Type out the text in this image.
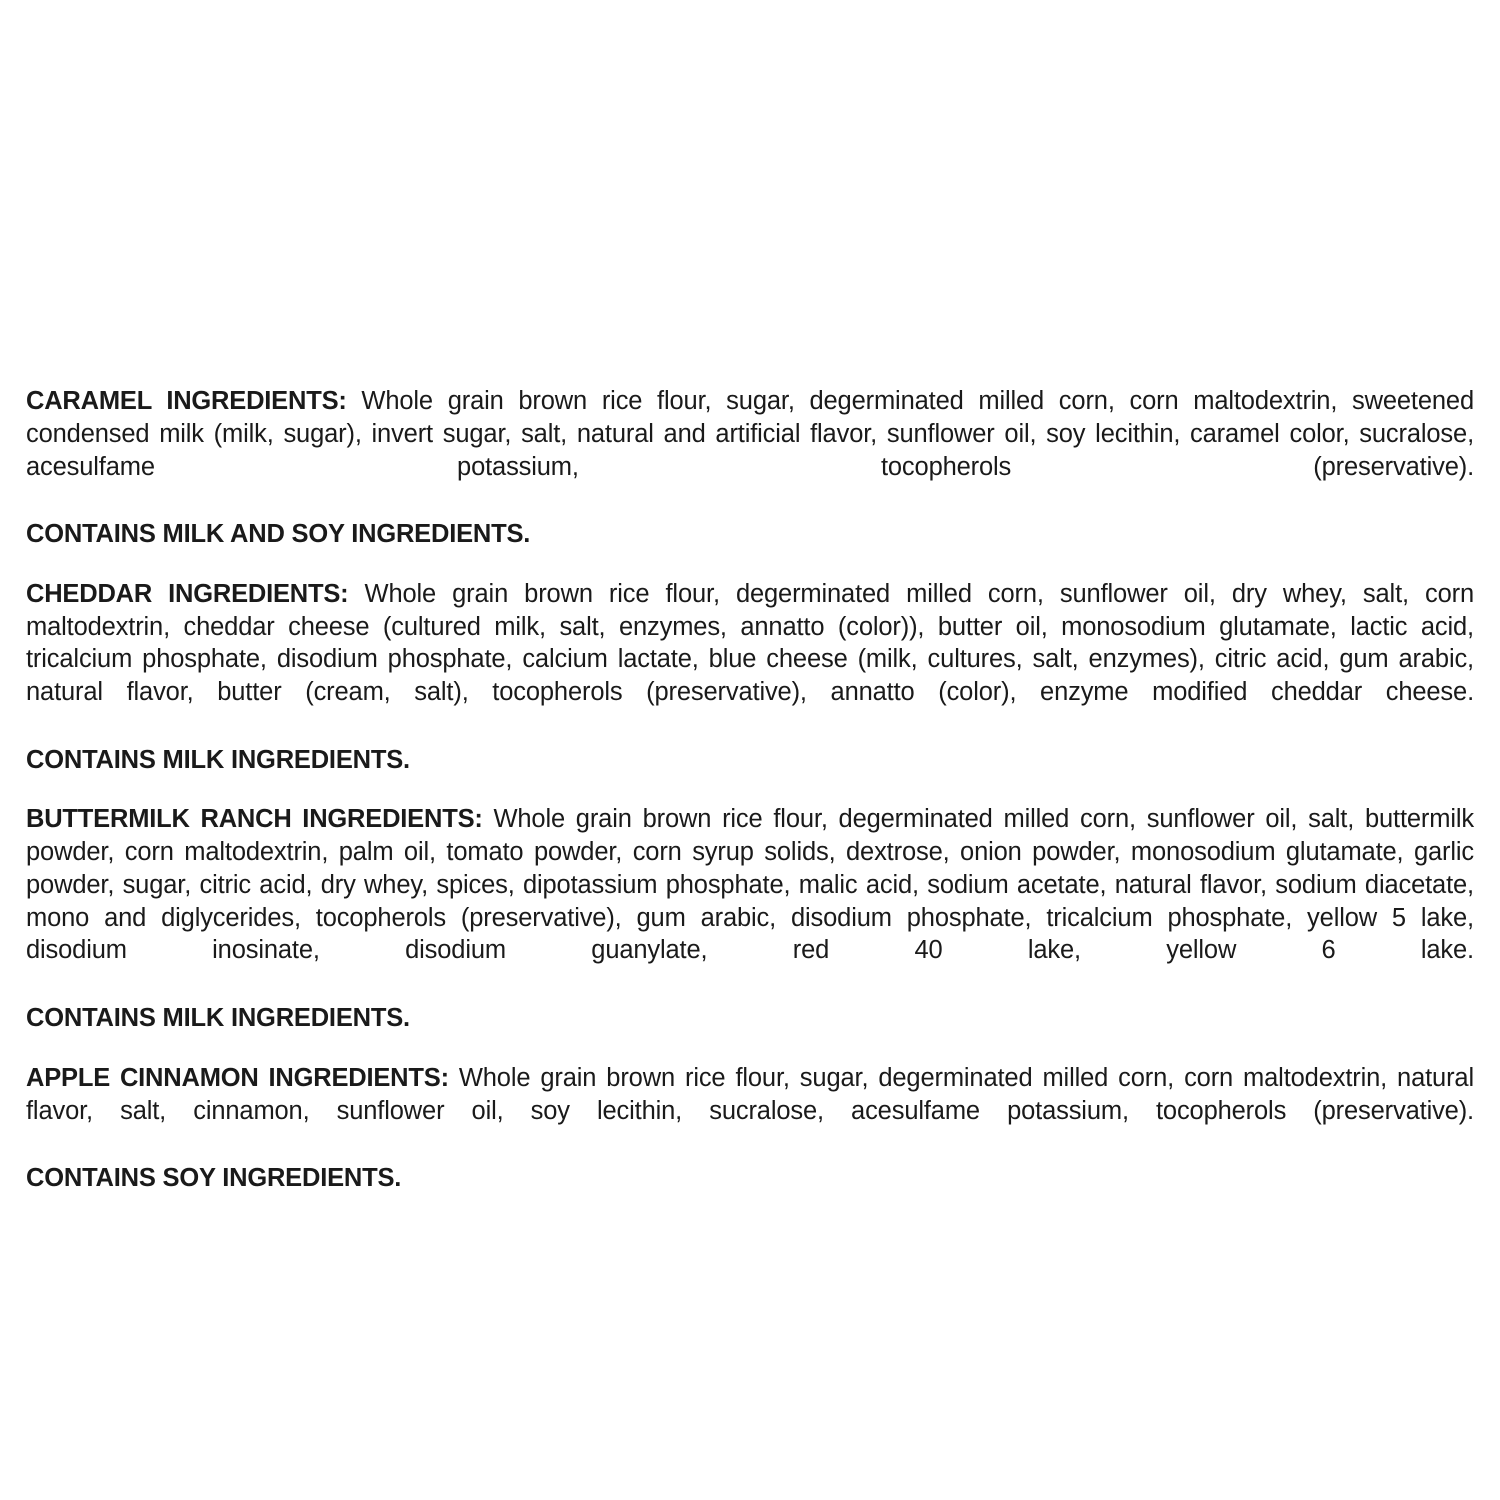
CARAMEL INGREDIENTS: Whole grain brown rice flour, sugar, degerminated milled corn, corn maltodextrin, sweetened condensed milk (milk, sugar), invert sugar, salt, natural and artificial flavor, sunflower oil, soy lecithin, caramel color, sucralose, acesulfame potassium, tocopherols (preservative).

CONTAINS MILK AND SOY INGREDIENTS.

CHEDDAR INGREDIENTS: Whole grain brown rice flour, degerminated milled corn, sunflower oil, dry whey, salt, corn maltodextrin, cheddar cheese (cultured milk, salt, enzymes, annatto (color)), butter oil, monosodium glutamate, lactic acid, tricalcium phosphate, disodium phosphate, calcium lactate, blue cheese (milk, cultures, salt, enzymes), citric acid, gum arabic, natural flavor, butter (cream, salt), tocopherols (preservative), annatto (color), enzyme modified cheddar cheese.

CONTAINS MILK INGREDIENTS.

BUTTERMILK RANCH INGREDIENTS: Whole grain brown rice flour, degerminated milled corn, sunflower oil, salt, buttermilk powder, corn maltodextrin, palm oil, tomato powder, corn syrup solids, dextrose, onion powder, monosodium glutamate, garlic powder, sugar, citric acid, dry whey, spices, dipotassium phosphate, malic acid, sodium acetate, natural flavor, sodium diacetate, mono and diglycerides, tocopherols (preservative), gum arabic, disodium phosphate, tricalcium phosphate, yellow 5 lake, disodium inosinate, disodium guanylate, red 40 lake, yellow 6 lake.

CONTAINS MILK INGREDIENTS.

APPLE CINNAMON INGREDIENTS: Whole grain brown rice flour, sugar, degerminated milled corn, corn maltodextrin, natural flavor, salt, cinnamon, sunflower oil, soy lecithin, sucralose, acesulfame potassium, tocopherols (preservative).

CONTAINS SOY INGREDIENTS.
